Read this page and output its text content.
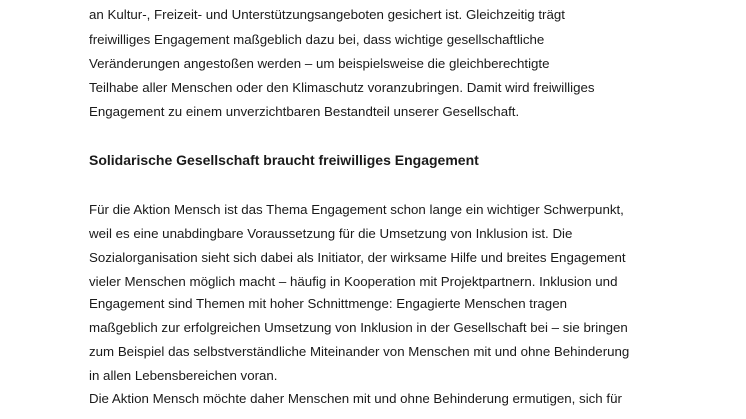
an Kultur-, Freizeit- und Unterstützungsangeboten gesichert ist. Gleichzeitig trägt
freiwilliges Engagement maßgeblich dazu bei, dass wichtige gesellschaftliche
Veränderungen angestoßen werden – um beispielsweise die gleichberechtigte
Teilhabe aller Menschen oder den Klimaschutz voranzubringen. Damit wird freiwilliges
Engagement zu einem unverzichtbaren Bestandteil unserer Gesellschaft.
Solidarische Gesellschaft braucht freiwilliges Engagement
Für die Aktion Mensch ist das Thema Engagement schon lange ein wichtiger Schwerpunkt,
weil es eine unabdingbare Voraussetzung für die Umsetzung von Inklusion ist. Die
Sozialorganisation sieht sich dabei als Initiator, der wirksame Hilfe und breites Engagement
vieler Menschen möglich macht – häufig in Kooperation mit Projektpartnern. Inklusion und
Engagement sind Themen mit hoher Schnittmenge: Engagierte Menschen tragen
maßgeblich zur erfolgreichen Umsetzung von Inklusion in der Gesellschaft bei – sie bringen
zum Beispiel das selbstverständliche Miteinander von Menschen mit und ohne Behinderung
in allen Lebensbereichen voran.
Die Aktion Mensch möchte daher Menschen mit und ohne Behinderung ermutigen, sich für
